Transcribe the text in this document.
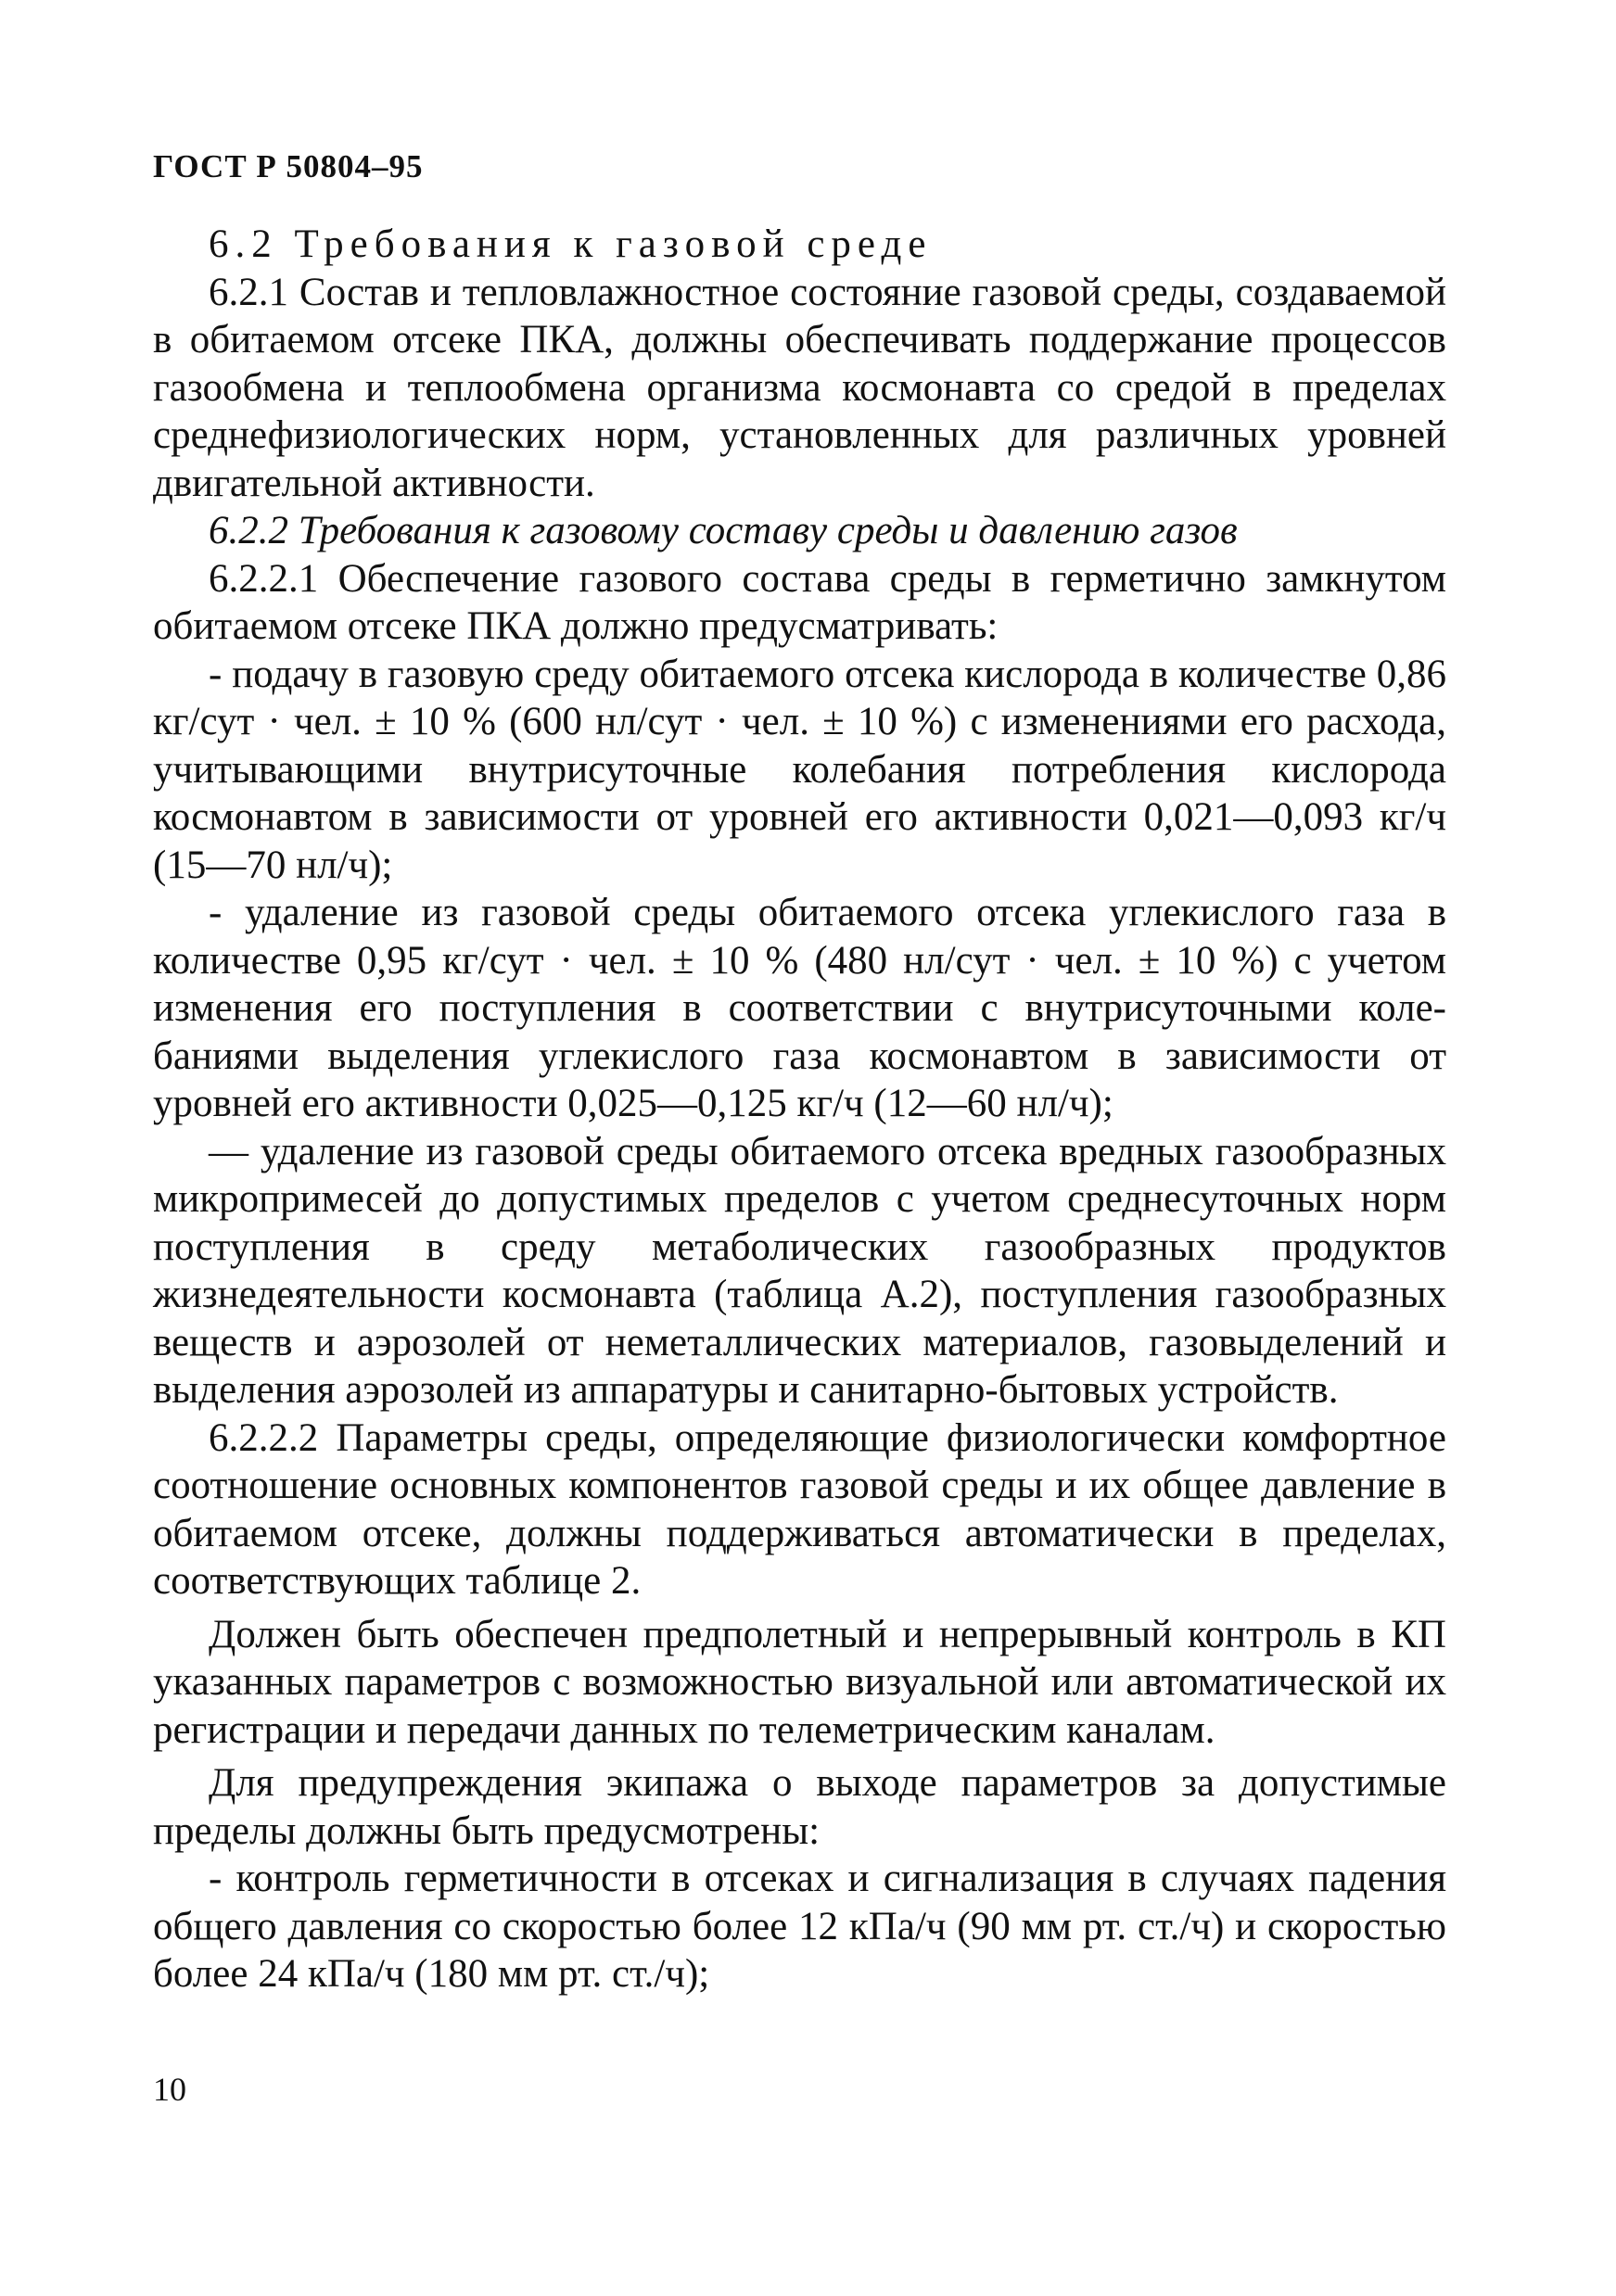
ГОСТ Р 50804–95

6.2 Требования к газовой среде

6.2.1 Состав и тепловлажностное состояние газовой среды, создаваемой в обитаемом отсеке ПКА, должны обеспечивать поддержание процессов газообмена и теплообмена организма космонавта со средой в пределах среднефизиологических норм, установленных для различных уровней двигательной активности.

6.2.2 Требования к газовому составу среды и давлению газов

6.2.2.1 Обеспечение газового состава среды в герметично замкнутом обитаемом отсеке ПКА должно предусматривать:

- подачу в газовую среду обитаемого отсека кислорода в количестве 0,86 кг/сут · чел. ± 10 % (600 нл/сут · чел. ± 10 %) с изменениями его расхода, учитывающими внутрисуточные колебания потребления кислорода космонавтом в зависимости от уровней его активности 0,021—0,093 кг/ч (15—70 нл/ч);

- удаление из газовой среды обитаемого отсека углекислого газа в количестве 0,95 кг/сут · чел. ± 10 % (480 нл/сут · чел. ± 10 %) с учетом изменения его поступления в соответствии с внутрисуточными колебаниями выделения углекислого газа космонавтом в зависимости от уровней его активности 0,025—0,125 кг/ч (12—60 нл/ч);

— удаление из газовой среды обитаемого отсека вредных газообразных микропримесей до допустимых пределов с учетом среднесуточных норм поступления в среду метаболических газообразных продуктов жизнедеятельности космонавта (таблица А.2), поступления газообразных веществ и аэрозолей от неметаллических материалов, газовыделений и выделения аэрозолей из аппаратуры и санитарно-бытовых устройств.

6.2.2.2 Параметры среды, определяющие физиологически комфортное соотношение основных компонентов газовой среды и их общее давление в обитаемом отсеке, должны поддерживаться автоматически в пределах, соответствующих таблице 2.

Должен быть обеспечен предполетный и непрерывный контроль в КП указанных параметров с возможностью визуальной или автоматической их регистрации и передачи данных по телеметрическим каналам.

Для предупреждения экипажа о выходе параметров за допустимые пределы должны быть предусмотрены:

- контроль герметичности в отсеках и сигнализация в случаях падения общего давления со скоростью более 12 кПа/ч (90 мм рт. ст./ч) и скоростью более 24 кПа/ч (180 мм рт. ст./ч);

10
